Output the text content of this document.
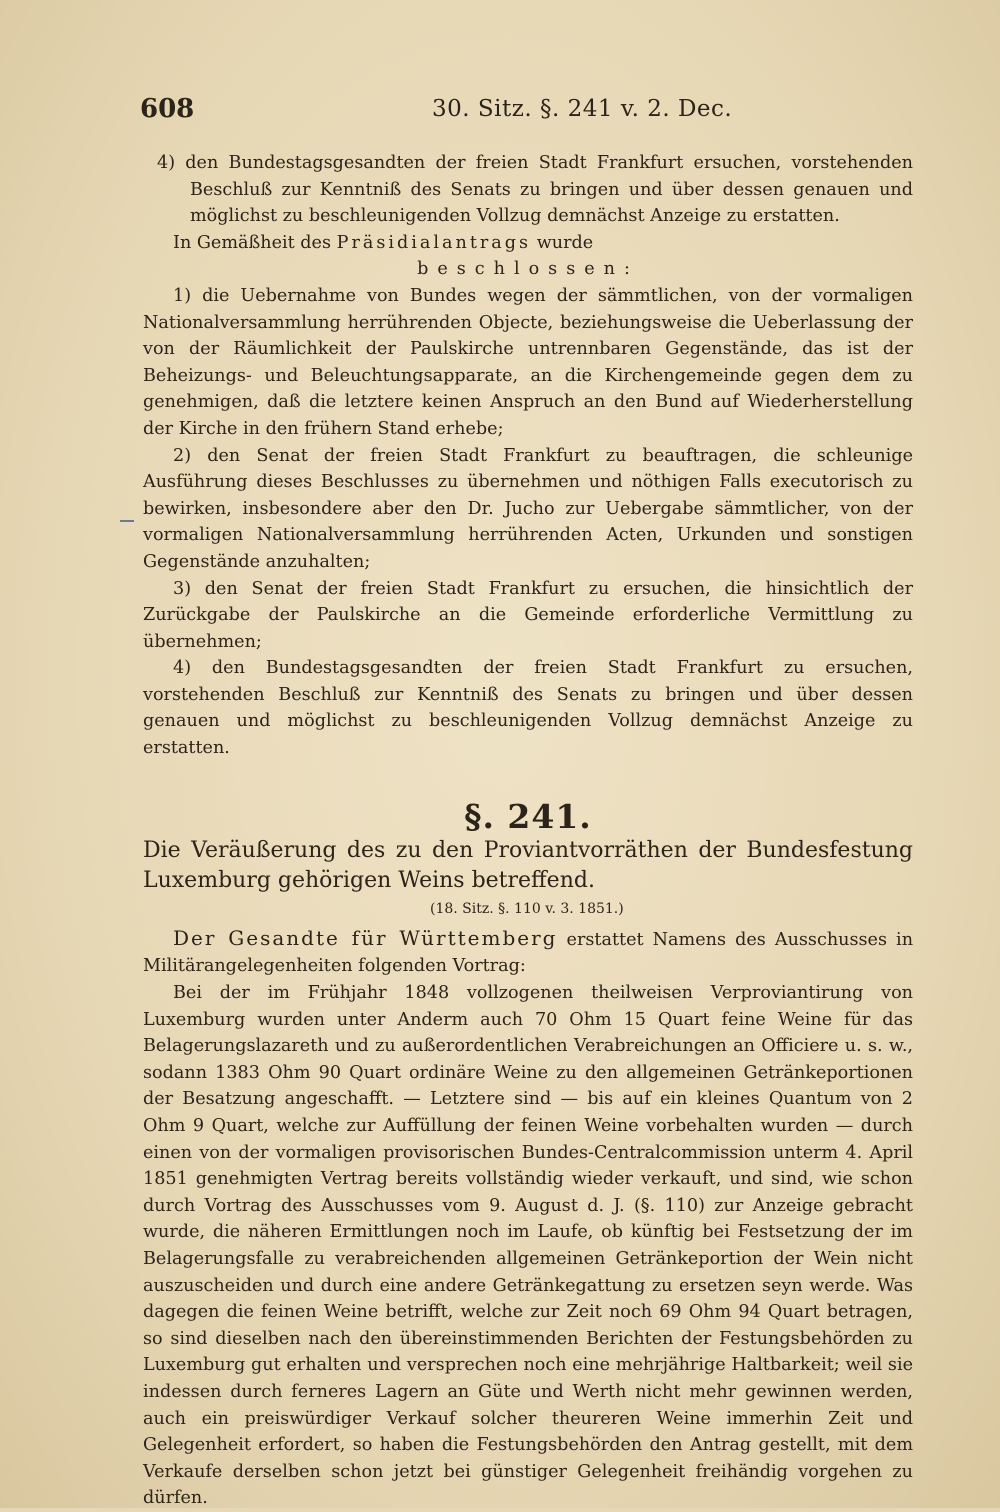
608	30. Sitz. §. 241 v. 2. Dec.

4) den Bundestagsgesandten der freien Stadt Frankfurt ersuchen, vorstehenden Beschluß zur Kenntniß des Senats zu bringen und über dessen genauen und möglichst zu beschleunigenden Vollzug demnächst Anzeige zu erstatten.

In Gemäßheit des Präsidialantrags wurde

beschlossen:

1) die Uebernahme von Bundes wegen der sämmtlichen, von der vormaligen Nationalversammlung herrührenden Objecte, beziehungsweise die Ueberlassung der von der Räumlichkeit der Paulskirche untrennbaren Gegenstände, das ist der Beheizungs- und Beleuchtungsapparate, an die Kirchengemeinde gegen dem zu genehmigen, daß die letztere keinen Anspruch an den Bund auf Wiederherstellung der Kirche in den frühern Stand erhebe;

2) den Senat der freien Stadt Frankfurt zu beauftragen, die schleunige Ausführung dieses Beschlusses zu übernehmen und nöthigen Falls executorisch zu bewirken, insbesondere aber den Dr. Jucho zur Uebergabe sämmtlicher, von der vormaligen Nationalversammlung herrührenden Acten, Urkunden und sonstigen Gegenstände anzuhalten;

3) den Senat der freien Stadt Frankfurt zu ersuchen, die hinsichtlich der Zurückgabe der Paulskirche an die Gemeinde erforderliche Vermittlung zu übernehmen;

4) den Bundestagsgesandten der freien Stadt Frankfurt zu ersuchen, vorstehenden Beschluß zur Kenntniß des Senats zu bringen und über dessen genauen und möglichst zu beschleunigenden Vollzug demnächst Anzeige zu erstatten.

§. 241.

Die Veräußerung des zu den Proviantvorräthen der Bundesfestung Luxemburg gehörigen Weins betreffend.

(18. Sitz. §. 110 v. 3. 1851.)

Der Gesandte für Württemberg erstattet Namens des Ausschusses in Militärangelegenheiten folgenden Vortrag:

Bei der im Frühjahr 1848 vollzogenen theilweisen Verproviantirung von Luxemburg wurden unter Anderm auch 70 Ohm 15 Quart feine Weine für das Belagerungslazareth und zu außerordentlichen Verabreichungen an Officiere u. s. w., sodann 1383 Ohm 90 Quart ordinäre Weine zu den allgemeinen Getränkeportionen der Besatzung angeschafft. — Letztere sind — bis auf ein kleines Quantum von 2 Ohm 9 Quart, welche zur Auffüllung der feinen Weine vorbehalten wurden — durch einen von der vormaligen provisorischen Bundes-Centralcommission unterm 4. April 1851 genehmigten Vertrag bereits vollständig wieder verkauft, und sind, wie schon durch Vortrag des Ausschusses vom 9. August d. J. (§. 110) zur Anzeige gebracht wurde, die näheren Ermittlungen noch im Laufe, ob künftig bei Festsetzung der im Belagerungsfalle zu verabreichenden allgemeinen Getränkeportion der Wein nicht auszuscheiden und durch eine andere Getränkegattung zu ersetzen seyn werde. Was dagegen die feinen Weine betrifft, welche zur Zeit noch 69 Ohm 94 Quart betragen, so sind dieselben nach den übereinstimmenden Berichten der Festungsbehörden zu Luxemburg gut erhalten und versprechen noch eine mehrjährige Haltbarkeit; weil sie indessen durch ferneres Lagern an Güte und Werth nicht mehr gewinnen werden, auch ein preiswürdiger Verkauf solcher theureren Weine immerhin Zeit und Gelegenheit erfordert, so haben die Festungsbehörden den Antrag gestellt, mit dem Verkaufe derselben schon jetzt bei günstiger Gelegenheit freihändig vorgehen zu dürfen.
